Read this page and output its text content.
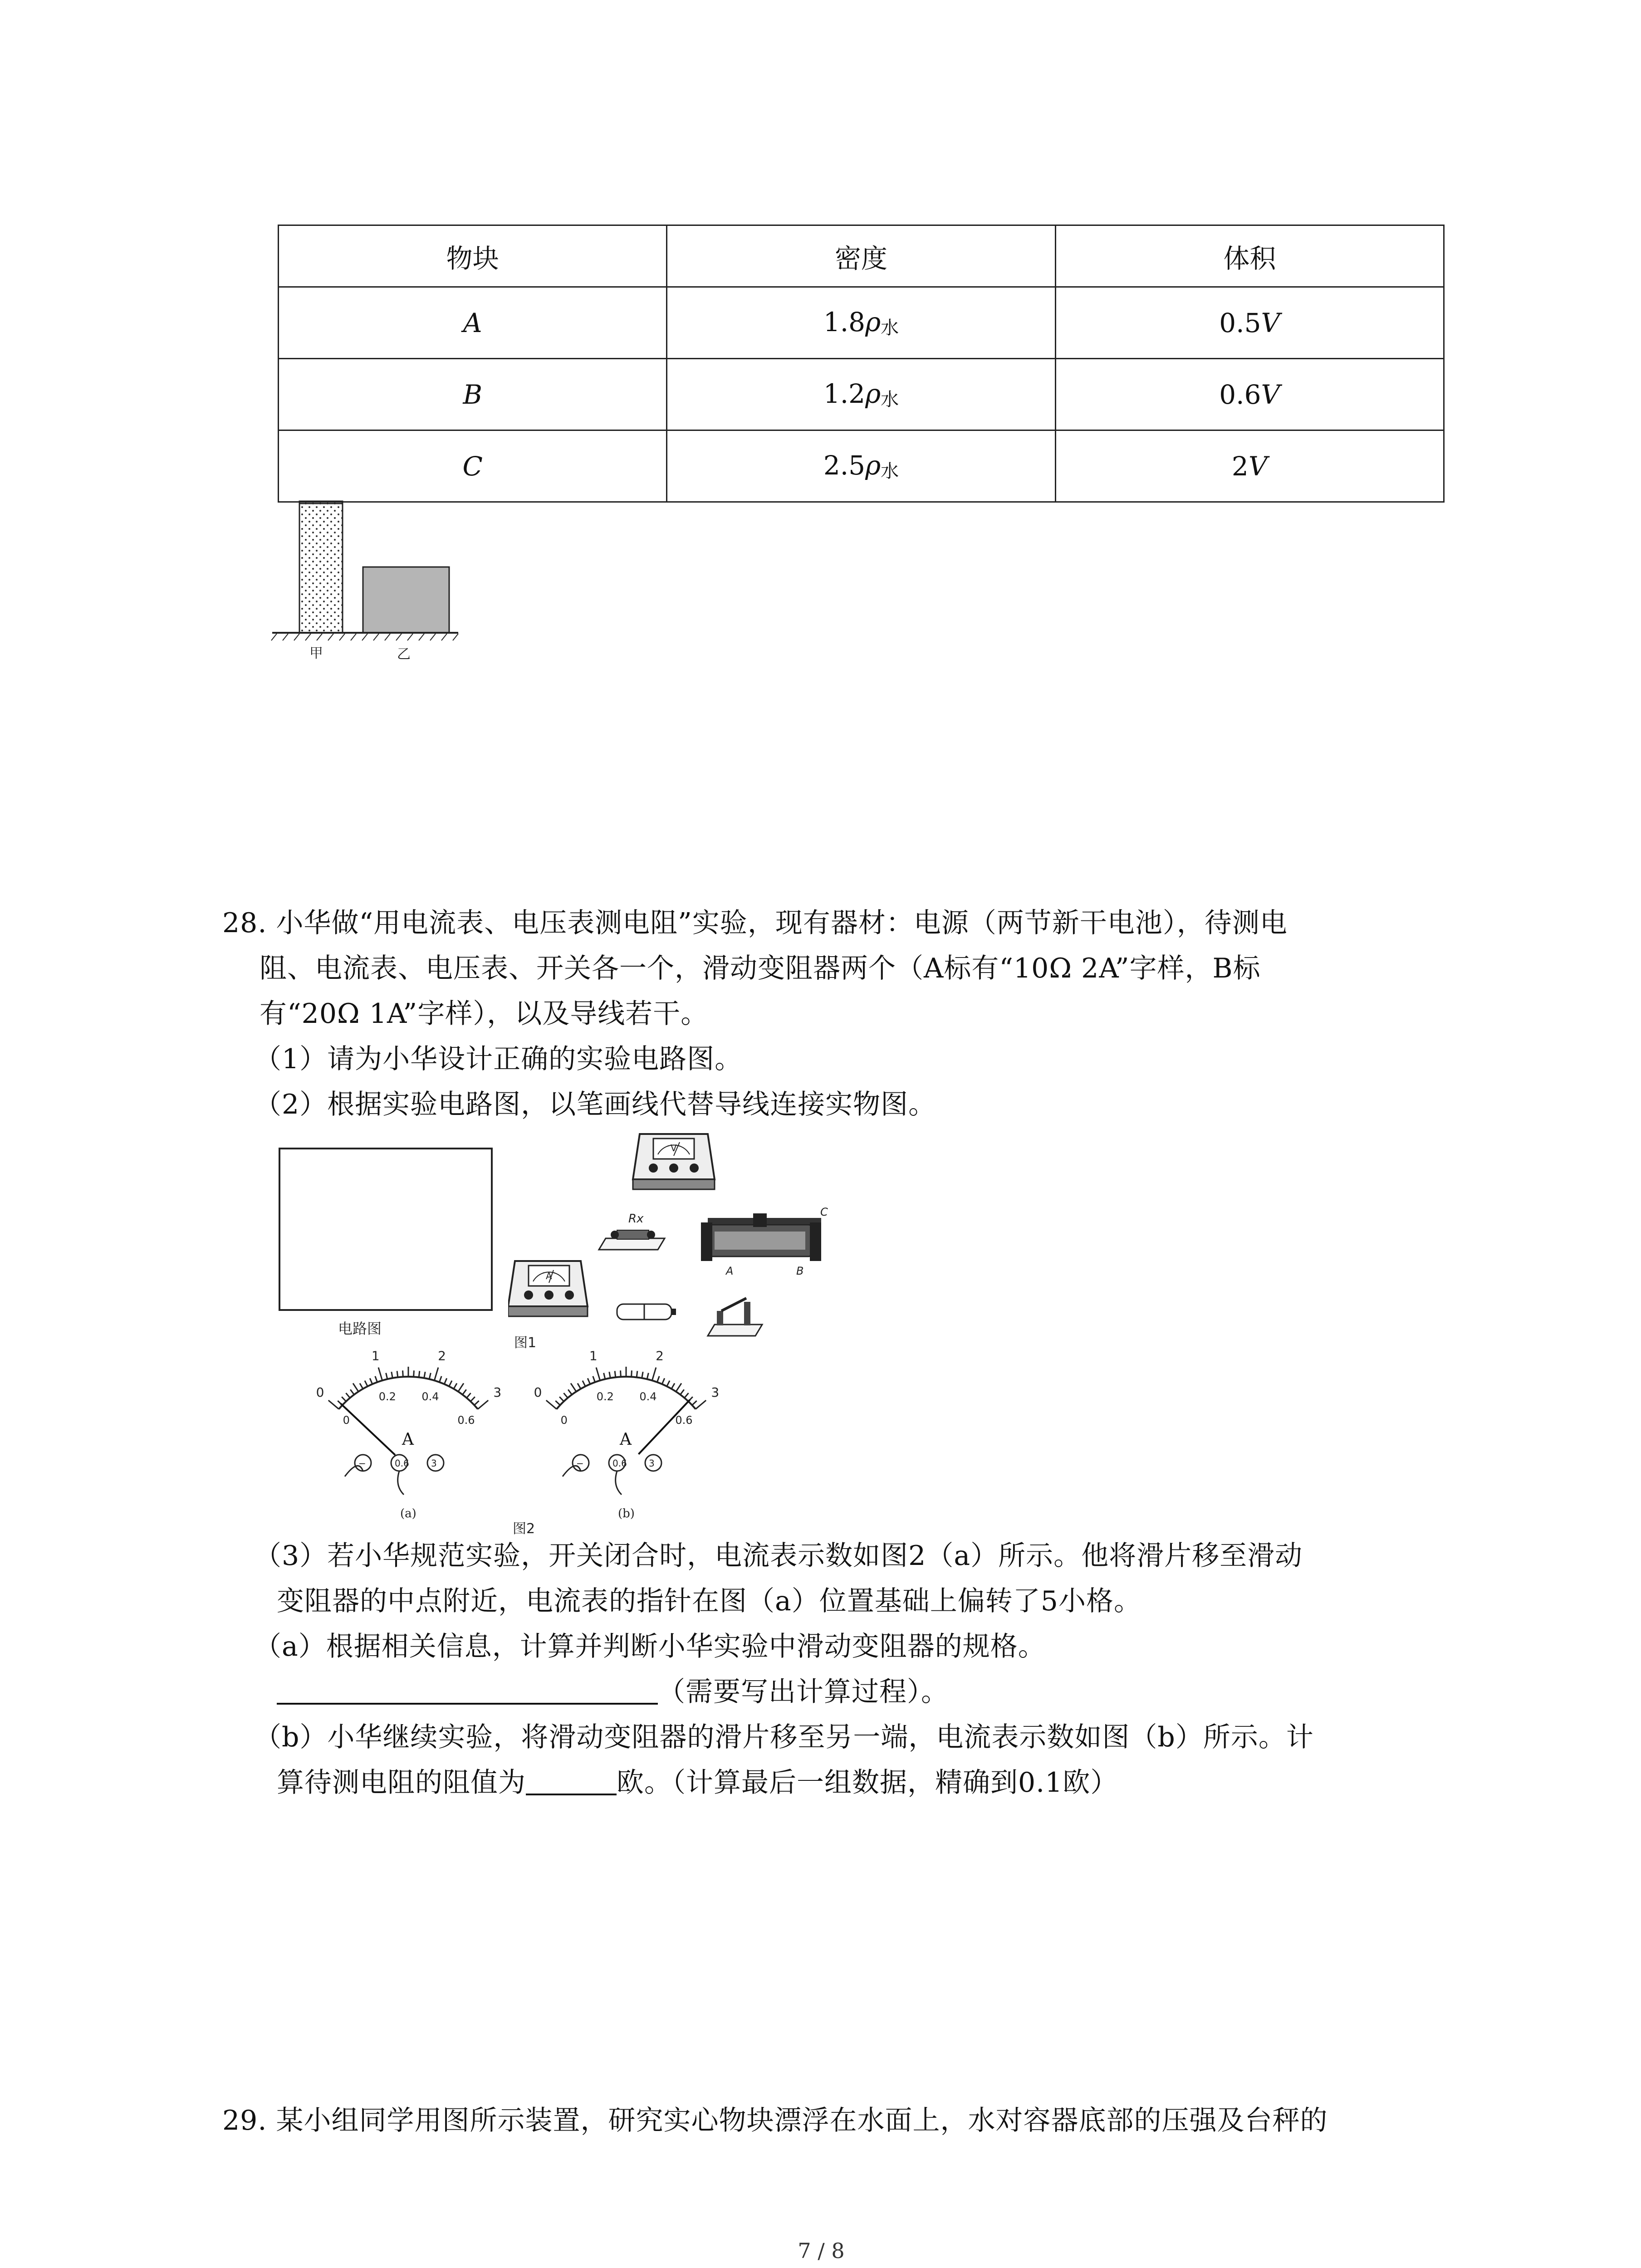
物块	密度	体积
A	1.8ρ水	0.5V
B	1.2ρ水	0.6V
C	2.5ρ水	2V
甲	乙
28. 小华做“用电流表、电压表测电阻”实验，现有器材：电源（两节新干电池），待测电
阻、电流表、电压表、开关各一个，滑动变阻器两个（A标有“10Ω 2A”字样，B标
有“20Ω 1A”字样），以及导线若干。
（1）请为小华设计正确的实验电路图。
（2）根据实验电路图，以笔画线代替导线连接实物图。
电路图
V
Rx
A	B
C
A
图1
0
1	2
3
0
0.2 0.4
0.6
A
−	0.6 3
(a)
0
1	2
3
0
0.2 0.4
0.6
A
−	0.6 3
(b)
图2
（3）若小华规范实验，开关闭合时，电流表示数如图2（a）所示。他将滑片移至滑动
变阻器的中点附近，电流表的指针在图（a）位置基础上偏转了5小格。
（a）根据相关信息，计算并判断小华实验中滑动变阻器的规格。
（需要写出计算过程）。
（b）小华继续实验，将滑动变阻器的滑片移至另一端，电流表示数如图（b）所示。计
算待测电阻的阻值为	欧。（计算最后一组数据，精确到0.1欧）
29. 某小组同学用图所示装置，研究实心物块漂浮在水面上，水对容器底部的压强及台秤的
7 / 8
